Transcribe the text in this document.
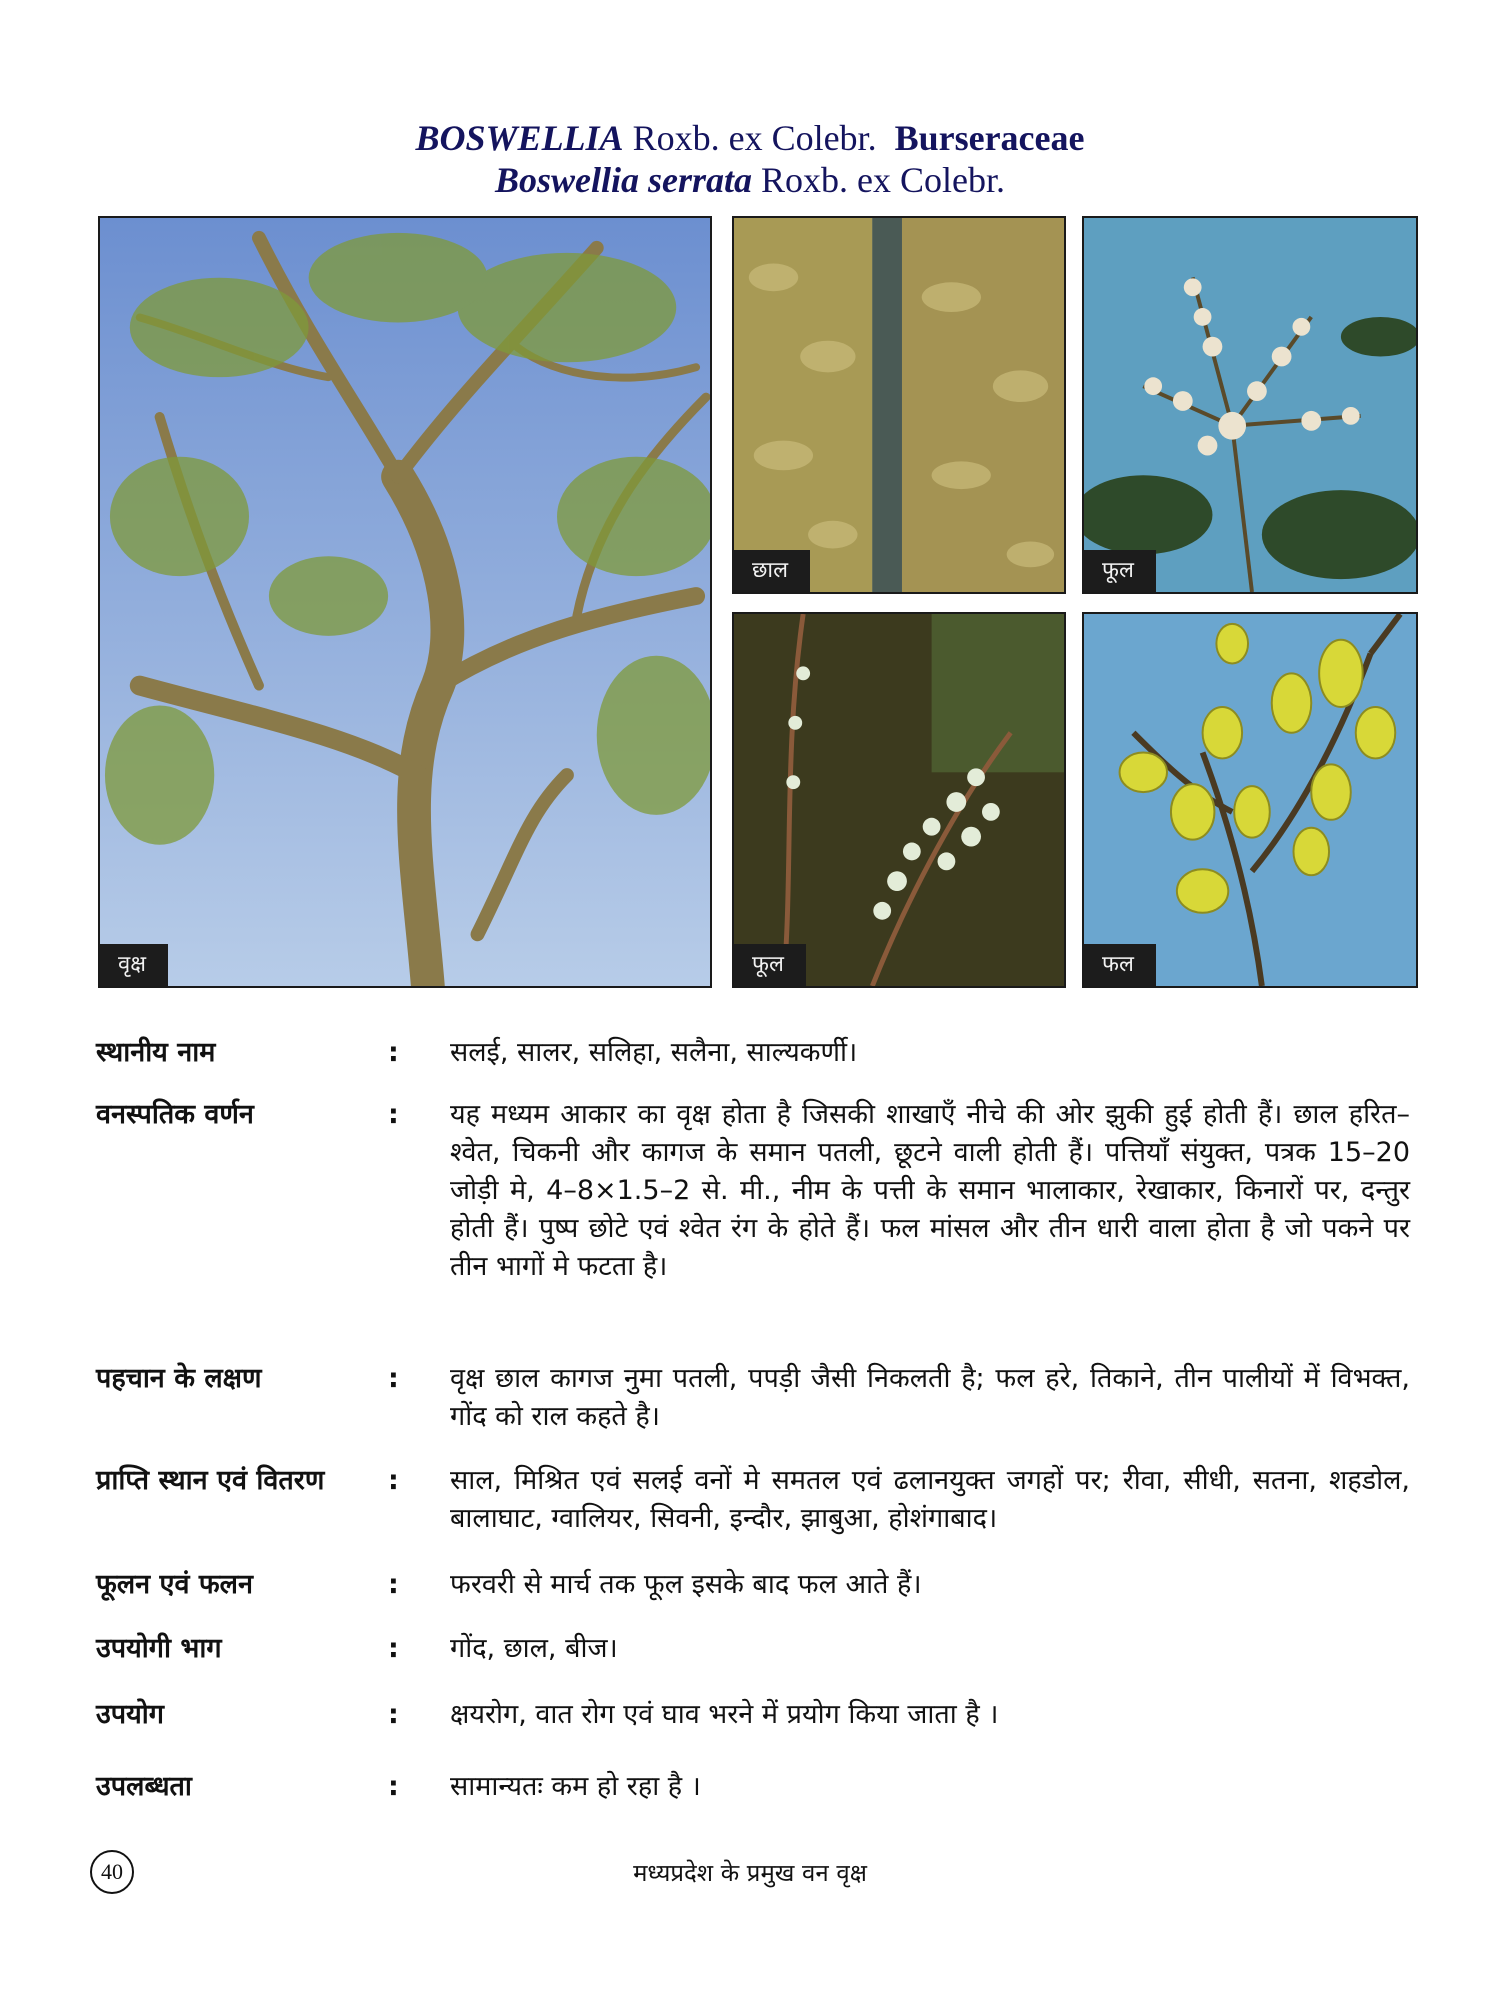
BOSWELLIA Roxb. ex Colebr. Burseraceae
Boswellia serrata Roxb. ex Colebr.
वृक्ष
छाल	फूल
फूल	फल
स्थानीय नाम	: सलई, सालर, सलिहा, सलैना, साल्यकर्णी।
वनस्पतिक वर्णन	: यह मध्यम आकार का वृक्ष होता है जिसकी शाखाएँ नीचे की ओर झुकी हुई होती हैं। छाल हरित–श्वेत, चिकनी और कागज के समान पतली, छूटने वाली होती हैं। पत्तियाँ संयुक्त, पत्रक 15–20 जोड़ी मे, 4–8×1.5–2 से. मी., नीम के पत्ती के समान भालाकार, रेखाकार, किनारों पर, दन्तुर होती हैं। पुष्प छोटे एवं श्वेत रंग के होते हैं। फल मांसल और तीन धारी वाला होता है जो पकने पर तीन भागों मे फटता है।
पहचान के लक्षण	: वृक्ष छाल कागज नुमा पतली, पपड़ी जैसी निकलती है; फल हरे, तिकाने, तीन पालीयों में विभक्त, गोंद को राल कहते है।
प्राप्ति स्थान एवं वितरण	: साल, मिश्रित एवं सलई वनों मे समतल एवं ढलानयुक्त जगहों पर; रीवा, सीधी, सतना, शहडोल, बालाघाट, ग्वालियर, सिवनी, इन्दौर, झाबुआ, होशंगाबाद।
फूलन एवं फलन	: फरवरी से मार्च तक फूल इसके बाद फल आते हैं।
उपयोगी भाग	: गोंद, छाल, बीज।
उपयोग	: क्षयरोग, वात रोग एवं घाव भरने में प्रयोग किया जाता है ।
उपलब्धता	: सामान्यतः कम हो रहा है ।
40	मध्यप्रदेश के प्रमुख वन वृक्ष
